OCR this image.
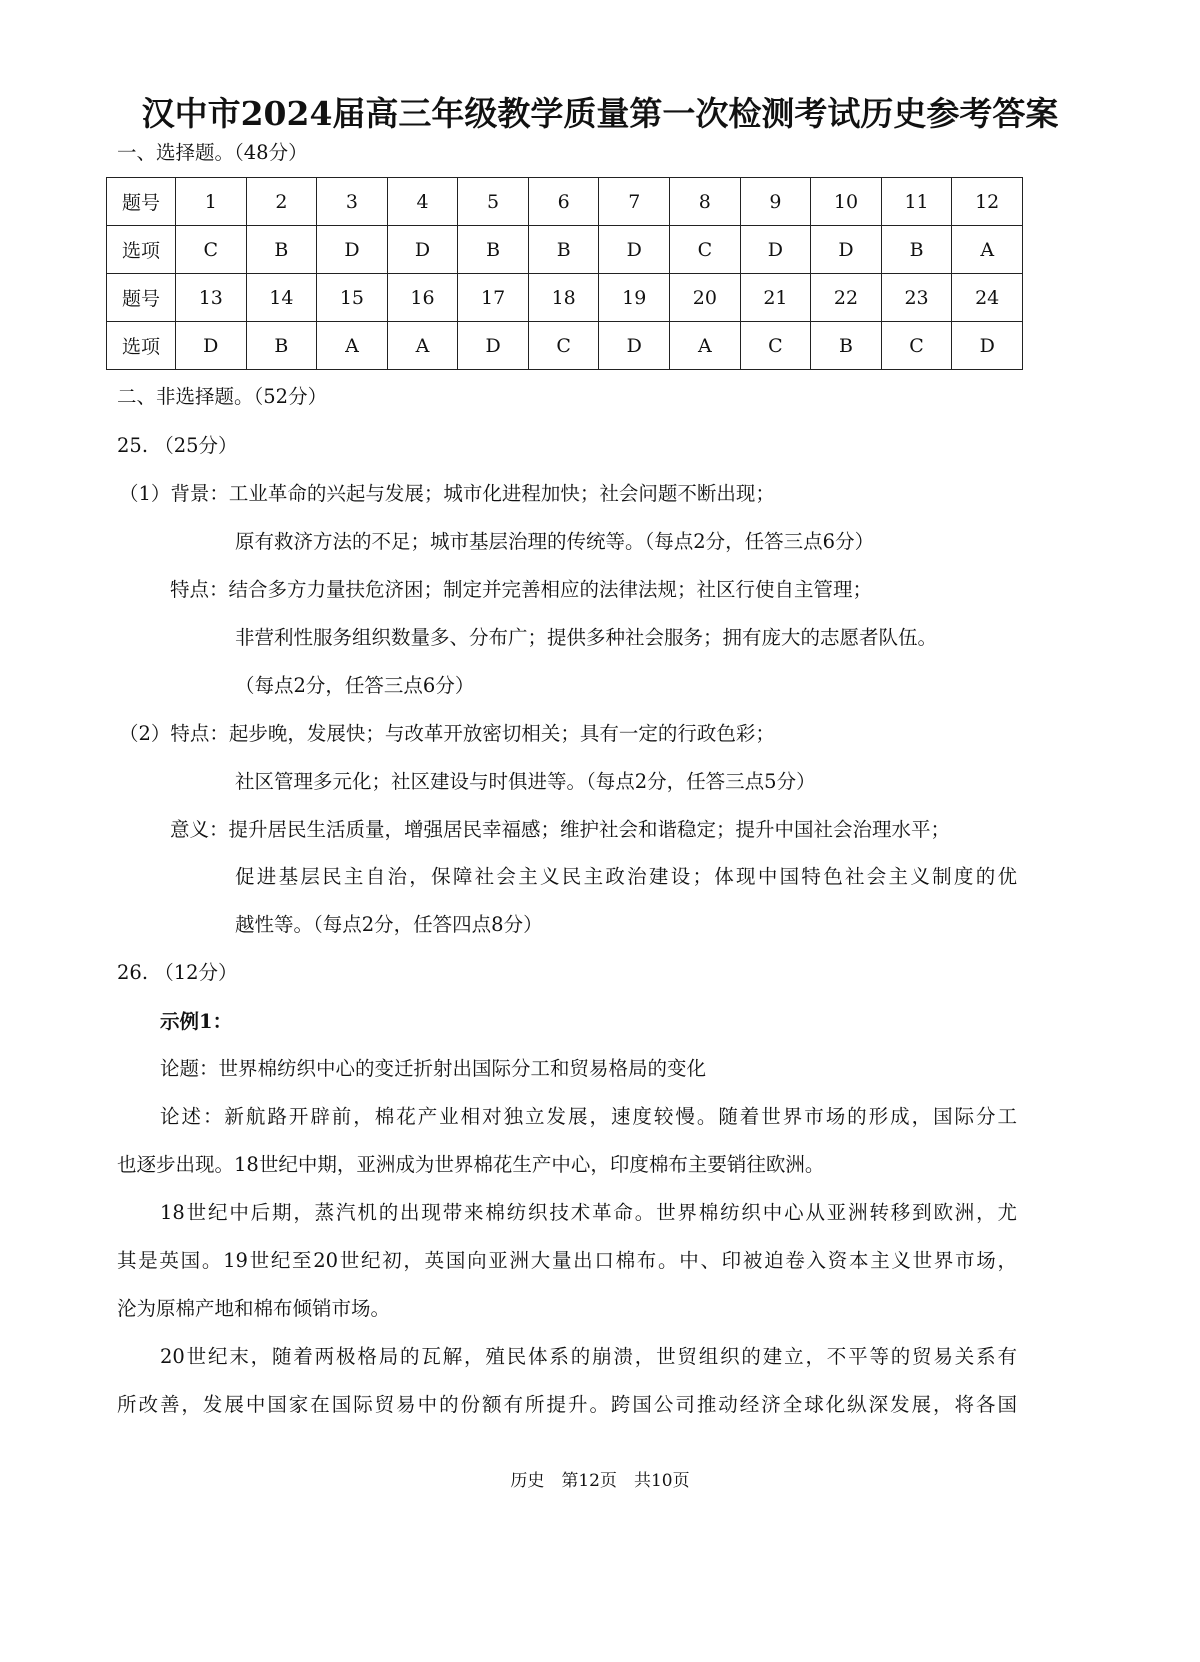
汉中市2024届高三年级教学质量第一次检测考试历史参考答案
一、选择题。（48分）
题号	1	2	3	4	5	6	7	8	9	10	11	12
选项	C	B	D	D	B	B	D	C	D	D	B	A
题号	13	14	15	16	17	18	19	20	21	22	23	24
选项	D	B	A	A	D	C	D	A	C	B	C	D
二、非选择题。（52分）
25. （25分）
（1）背景：工业革命的兴起与发展；城市化进程加快；社会问题不断出现；
原有救济方法的不足；城市基层治理的传统等。（每点2分，任答三点6分）
特点：结合多方力量扶危济困；制定并完善相应的法律法规；社区行使自主管理；
非营利性服务组织数量多、分布广；提供多种社会服务；拥有庞大的志愿者队伍。
（每点2分，任答三点6分）
（2）特点：起步晚，发展快；与改革开放密切相关；具有一定的行政色彩；
社区管理多元化；社区建设与时俱进等。（每点2分，任答三点5分）
意义：提升居民生活质量，增强居民幸福感；维护社会和谐稳定；提升中国社会治理水平；
促进基层民主自治，保障社会主义民主政治建设；体现中国特色社会主义制度的优
越性等。（每点2分，任答四点8分）
26. （12分）
示例1：
论题：世界棉纺织中心的变迁折射出国际分工和贸易格局的变化
论述：新航路开辟前，棉花产业相对独立发展，速度较慢。随着世界市场的形成，国际分工
也逐步出现。18世纪中期，亚洲成为世界棉花生产中心，印度棉布主要销往欧洲。
18世纪中后期，蒸汽机的出现带来棉纺织技术革命。世界棉纺织中心从亚洲转移到欧洲，尤
其是英国。19世纪至20世纪初，英国向亚洲大量出口棉布。中、印被迫卷入资本主义世界市场，
沦为原棉产地和棉布倾销市场。
20世纪末，随着两极格局的瓦解，殖民体系的崩溃，世贸组织的建立，不平等的贸易关系有
所改善，发展中国家在国际贸易中的份额有所提升。跨国公司推动经济全球化纵深发展，将各国
历史　第12页　共10页
